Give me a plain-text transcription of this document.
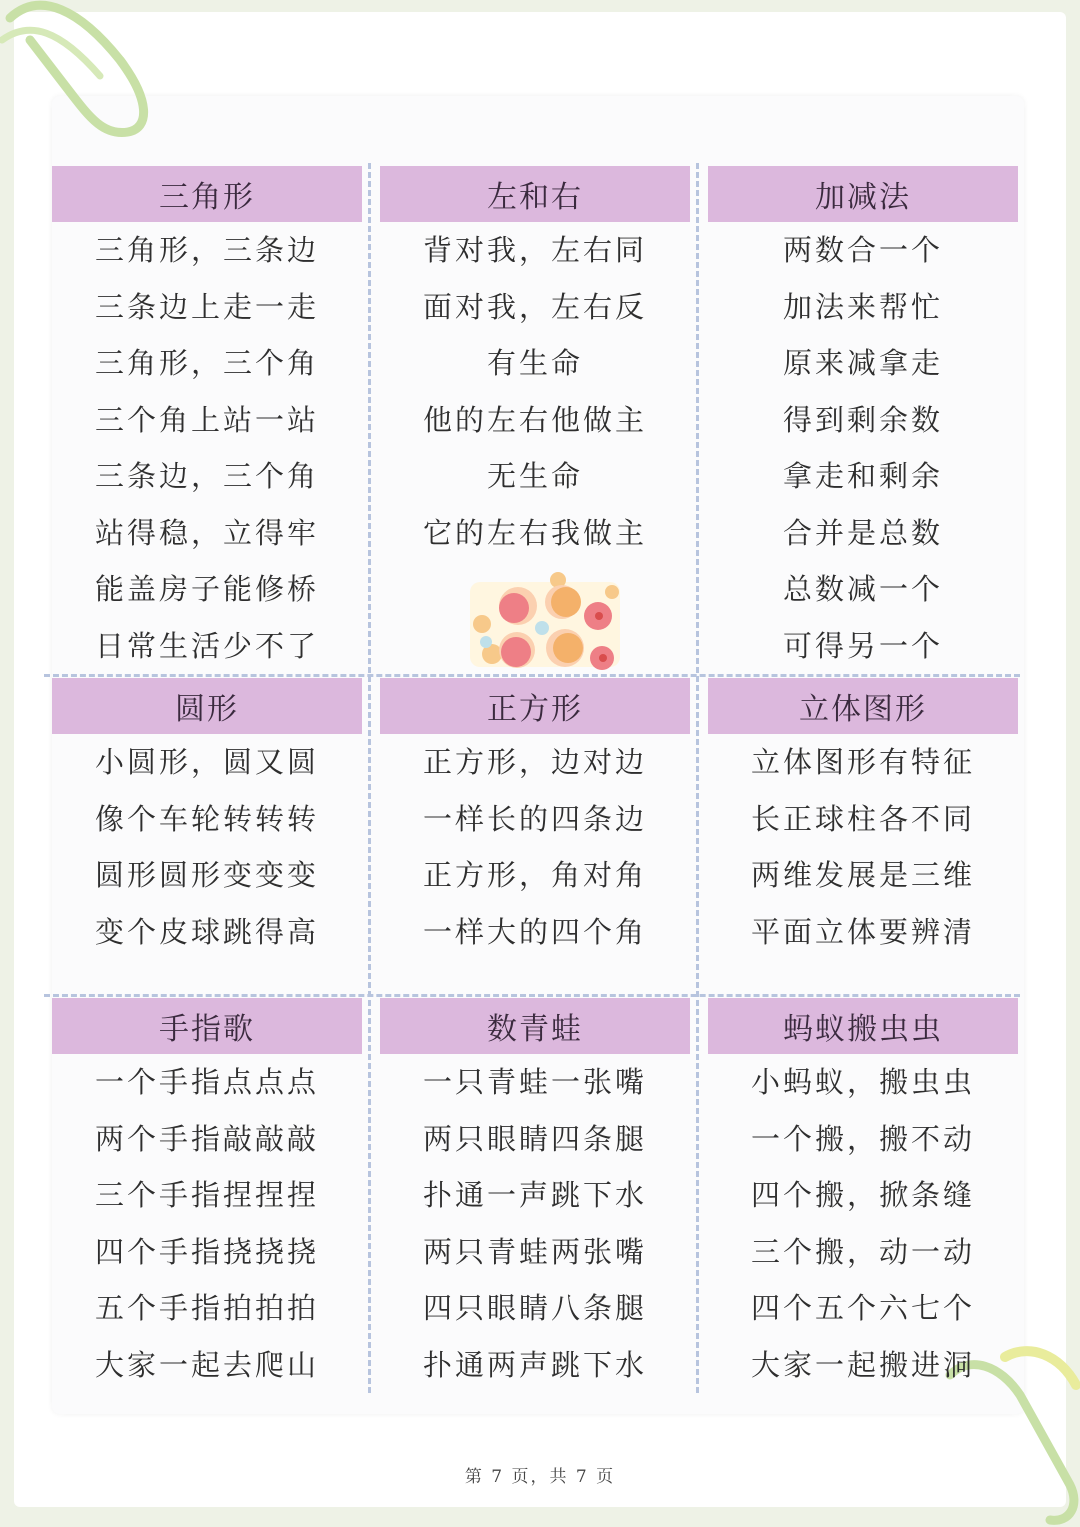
三角形
三角形，三条边
三条边上走一走
三角形，三个角
三个角上站一站
三条边，三个角
站得稳，立得牢
能盖房子能修桥
日常生活少不了
左和右
背对我，左右同
面对我，左右反
有生命
他的左右他做主
无生命
它的左右我做主
加减法
两数合一个
加法来帮忙
原来减拿走
得到剩余数
拿走和剩余
合并是总数
总数减一个
可得另一个
圆形
小圆形，圆又圆
像个车轮转转转
圆形圆形变变变
变个皮球跳得高
正方形
正方形，边对边
一样长的四条边
正方形，角对角
一样大的四个角
立体图形
立体图形有特征
长正球柱各不同
两维发展是三维
平面立体要辨清
手指歌
一个手指点点点
两个手指敲敲敲
三个手指捏捏捏
四个手指挠挠挠
五个手指拍拍拍
大家一起去爬山
数青蛙
一只青蛙一张嘴
两只眼睛四条腿
扑通一声跳下水
两只青蛙两张嘴
四只眼睛八条腿
扑通两声跳下水
蚂蚁搬虫虫
小蚂蚁，搬虫虫
一个搬，搬不动
四个搬，掀条缝
三个搬，动一动
四个五个六七个
大家一起搬进洞
第 7 页，共 7 页
